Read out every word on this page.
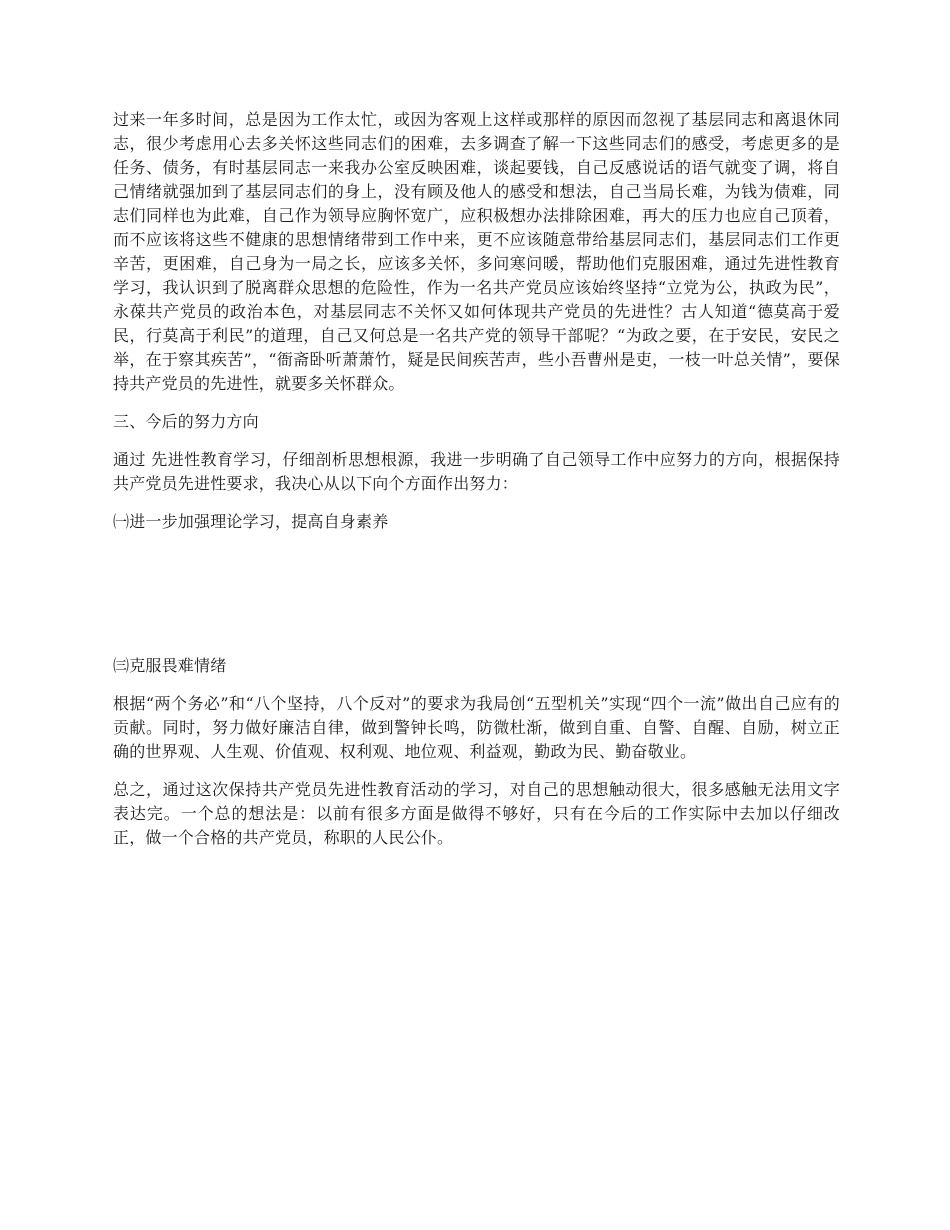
过来一年多时间，总是因为工作太忙，或因为客观上这样或那样的原因而忽视了基层同志和离退休同志，很少考虑用心去多关怀这些同志们的困难，去多调查了解一下这些同志们的感受，考虑更多的是任务、债务，有时基层同志一来我办公室反映困难，谈起要钱，自己反感说话的语气就变了调，将自己情绪就强加到了基层同志们的身上，没有顾及他人的感受和想法，自己当局长难，为钱为债难，同志们同样也为此难，自己作为领导应胸怀宽广，应积极想办法排除困难，再大的压力也应自己顶着，而不应该将这些不健康的思想情绪带到工作中来，更不应该随意带给基层同志们，基层同志们工作更辛苦，更困难，自己身为一局之长，应该多关怀，多问寒问暖，帮助他们克服困难，通过先进性教育学习，我认识到了脱离群众思想的危险性，作为一名共产党员应该始终坚持“立党为公，执政为民”，永葆共产党员的政治本色，对基层同志不关怀又如何体现共产党员的先进性？古人知道“德莫高于爱民，行莫高于利民”的道理，自己又何总是一名共产党的领导干部呢？“为政之要，在于安民，安民之举，在于察其疾苦”，“衙斋卧听萧萧竹，疑是民间疾苦声，些小吾曹州是吏，一枝一叶总关情”，要保持共产党员的先进性，就要多关怀群众。

三、今后的努力方向

通过 先进性教育学习，仔细剖析思想根源，我进一步明确了自己领导工作中应努力的方向，根据保持共产党员先进性要求，我决心从以下向个方面作出努力：

㈠进一步加强理论学习，提高自身素养

㈢克服畏难情绪

根据“两个务必”和“八个坚持，八个反对”的要求为我局创“五型机关”实现“四个一流”做出自己应有的贡献。同时，努力做好廉洁自律，做到警钟长鸣，防微杜渐，做到自重、自警、自醒、自励，树立正确的世界观、人生观、价值观、权利观、地位观、利益观，勤政为民、勤奋敬业。

总之，通过这次保持共产党员先进性教育活动的学习，对自己的思想触动很大，很多感触无法用文字表达完。一个总的想法是：以前有很多方面是做得不够好，只有在今后的工作实际中去加以仔细改正，做一个合格的共产党员，称职的人民公仆。
